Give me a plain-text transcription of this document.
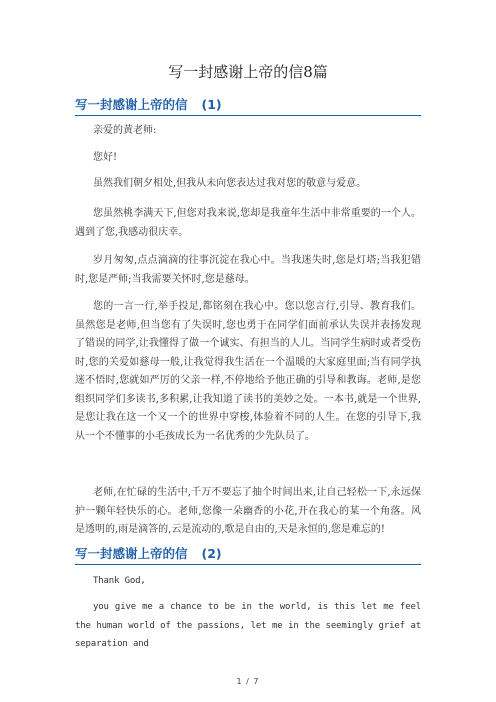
写一封感谢上帝的信8篇
写一封感谢上帝的信 (1)

亲爱的黄老师:

您好!

虽然我们朝夕相处,但我从未向您表达过我对您的敬意与爱意。

您虽然桃李满天下,但您对我来说,您却是我童年生活中非常重要的一个人。遇到了您,我感动很庆幸。

岁月匆匆,点点滴滴的往事沉淀在我心中。当我迷失时,您是灯塔;当我犯错时,您是严师;当我需要关怀时,您是慈母。

您的一言一行,举手投足,都铭刻在我心中。您以您言行,引导、教育我们。虽然您是老师,但当您有了失误时,您也勇于在同学们面前承认失误并表扬发现了错误的同学,让我懂得了做一个诚实、有担当的人儿。当同学生病时或者受伤时,您的关爱如慈母一般,让我觉得我生活在一个温暖的大家庭里面;当有同学执迷不悟时,您就如严厉的父亲一样,不停地给予他正确的引导和教诲。老师,是您组织同学们多读书,多积累,让我知道了读书的美妙之处。一本书,就是一个世界,是您让我在这一个又一个的世界中穿梭,体验着不同的人生。在您的引导下,我从一个不懂事的小毛孩成长为一名优秀的少先队员了。

老师,在忙碌的生活中,千万不要忘了抽个时间出来,让自己轻松一下,永远保护一颗年轻快乐的心。老师,您像一朵幽香的小花,开在我心的某一个角落。风是透明的,雨是滴答的,云是流动的,歌是自由的,天是永恒的,您是难忘的!

写一封感谢上帝的信 (2)

Thank God,

you give me a chance to be in the world, is this let me feel the human world of the passions, let me in the seemingly grief at separation and

1 / 7
